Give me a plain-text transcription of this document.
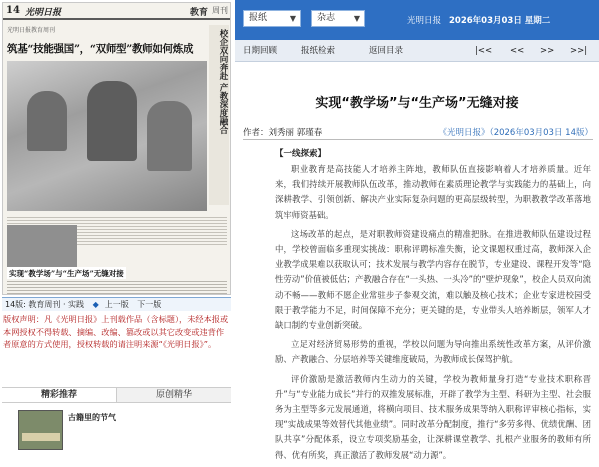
14 光明日报	教育 周刊
光明日报教育周刊
筑基“技能强国”，“双师型”教师如何炼成	校企双向奔赴 产教深度融合
实现“教学场”与“生产场”无缝对接
14版: 教育周刊 · 实践 ◆ 上一版 下一版
版权声明：凡《光明日报》上刊载作品（含标题），未经本报或本网授权不得转载、摘编、改编、篡改或以其它改变或违背作者原意的方式使用，授权转载的请注明来源“《光明日报》”。
精彩推荐	原创精华
古籍里的节气
报纸	▼	杂志 ▼	光明日报 2026年03月03日 星期二
日期回顾	报纸检索	返回目录	|<< << >> >>|
实现“教学场”与“生产场”无缝对接
作者：刘秀丽 郭瑾春	《光明日报》（2026年03月03日 14版）
【一线探索】

职业教育是高技能人才培养主阵地，教师队伍直接影响着人才培养质量。近年来，我们持续开展教师队伍改革，推动教师在素质理论教学与实践能力的基础上，向深耕教学、引领创新、解决产业实际复杂问题的更高层级转型，为职教教学改革落地筑牢师资基础。

这场改革的起点，是对职教师资建设痛点的精准把脉。在推进教师队伍建设过程中，学校曾面临多重现实挑战：职称评聘标准失衡，论文课题权重过高，教师深入企业教学成果难以获取认可；技术发展与教学内容存在脱节，专业建设、课程开发等“隐性劳动”价值被低估；产教融合存在“一头热、一头冷”的“壁炉现象”，校企人员双向流动不畅——教师不愿企业常驻步子参观交流，难以触及核心技术；企业专家进校园受限于教学能力不足，时间保障不充分；更关键的是，专业带头人培养断层，领军人才缺口制约专业创新突破。

立足对经济贸易形势的重视，学校以问题为导向推出系统性改革方案，从评价激励、产教融合、分层培养等关键维度破局，为教师成长保驾护航。

评价激励是激活教师内生动力的关键，学校为教师量身打造“专业技术职称晋升”与“专业能力成长”并行的双推发展标准，开辟了教学为主型、科研为主型、社会服务为主型等多元发展通道，将横向项目、技术服务成果等纳入职称评审核心指标，实现“实战成果等效替代其他业绩”。同时改革分配制度，推行“多劳多得、优绩优酬、团队共享”分配体系，设立专项奖励基金，让深耕课堂教学、扎根产业服务的教师有所得、优有所奖，真正激活了教师发展“动力源”。
